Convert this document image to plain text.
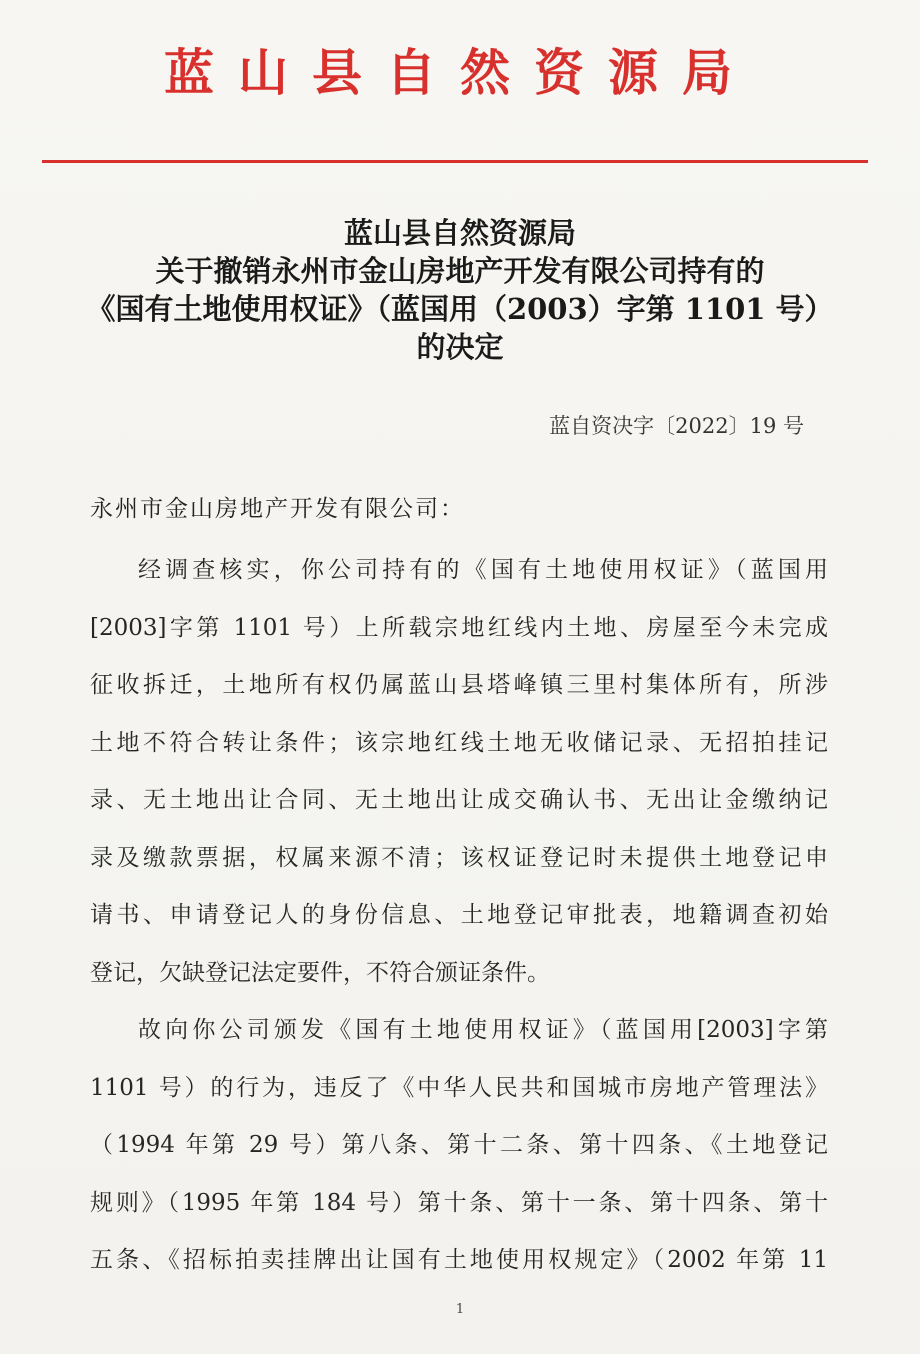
蓝山县自然资源局
蓝山县自然资源局
关于撤销永州市金山房地产开发有限公司持有的
《国有土地使用权证》（蓝国用（2003）字第 1101 号）
的决定
蓝自资决字〔2022〕19 号
永州市金山房地产开发有限公司：
经调查核实，你公司持有的《国有土地使用权证》（蓝国用
[2003]字第 1101 号）上所载宗地红线内土地、房屋至今未完成
征收拆迁，土地所有权仍属蓝山县塔峰镇三里村集体所有，所涉
土地不符合转让条件；该宗地红线土地无收储记录、无招拍挂记
录、无土地出让合同、无土地出让成交确认书、无出让金缴纳记
录及缴款票据，权属来源不清；该权证登记时未提供土地登记申
请书、申请登记人的身份信息、土地登记审批表，地籍调查初始
登记，欠缺登记法定要件，不符合颁证条件。
故向你公司颁发《国有土地使用权证》（蓝国用[2003]字第
1101 号）的行为，违反了《中华人民共和国城市房地产管理法》
（1994 年第 29 号）第八条、第十二条、第十四条、《土地登记
规则》（1995 年第 184 号）第十条、第十一条、第十四条、第十
五条、《招标拍卖挂牌出让国有土地使用权规定》（2002 年第 11
1
